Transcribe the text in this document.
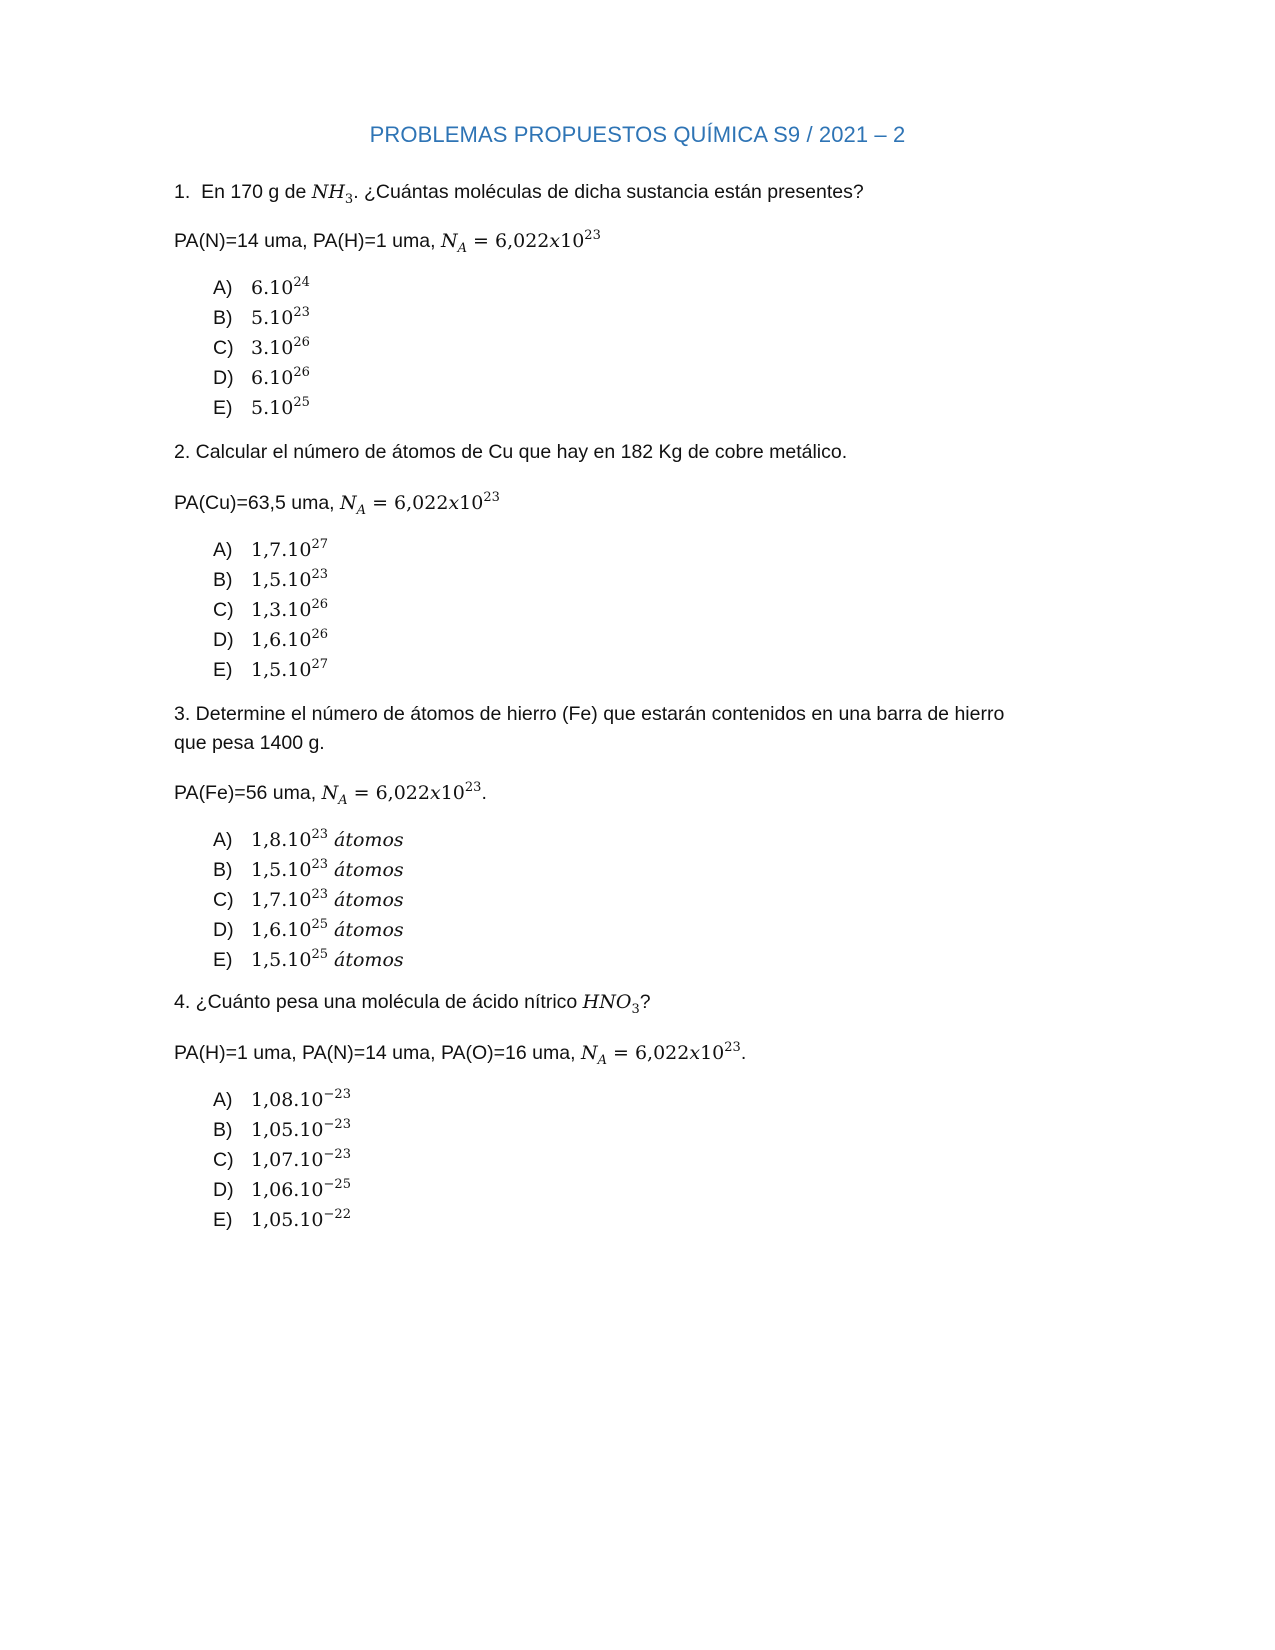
PROBLEMAS PROPUESTOS QUÍMICA S9 / 2021 – 2
1. En 170 g de $NH_3$. ¿Cuántas moléculas de dicha sustancia están presentes?
PA(N)=14 uma, PA(H)=1 uma, $N_A = 6,022x10^{23}$
A) 6.10$^{24}$
B) 5.10$^{23}$
C) 3.10$^{26}$
D) 6.10$^{26}$
E) 5.10$^{25}$
2. Calcular el número de átomos de Cu que hay en 182 Kg de cobre metálico.
PA(Cu)=63,5 uma, $N_A = 6,022x10^{23}$
A) 1,7.10$^{27}$
B) 1,5.10$^{23}$
C) 1,3.10$^{26}$
D) 1,6.10$^{26}$
E) 1,5.10$^{27}$
3. Determine el número de átomos de hierro (Fe) que estarán contenidos en una barra de hierro
que pesa 1400 g.
PA(Fe)=56 uma, $N_A = 6,022x10^{23}$.
A) 1,8.10$^{23}$ átomos
B) 1,5.10$^{23}$ átomos
C) 1,7.10$^{23}$ átomos
D) 1,6.10$^{25}$ átomos
E) 1,5.10$^{25}$ átomos
4. ¿Cuánto pesa una molécula de ácido nítrico $HNO_3$?
PA(H)=1 uma, PA(N)=14 uma, PA(O)=16 uma, $N_A = 6,022x10^{23}$.
A) $1,08.10^{-23}$
B) $1,05.10^{-23}$
C) $1,07.10^{-23}$
D) $1,06.10^{-25}$
E) $1,05.10^{-22}$
